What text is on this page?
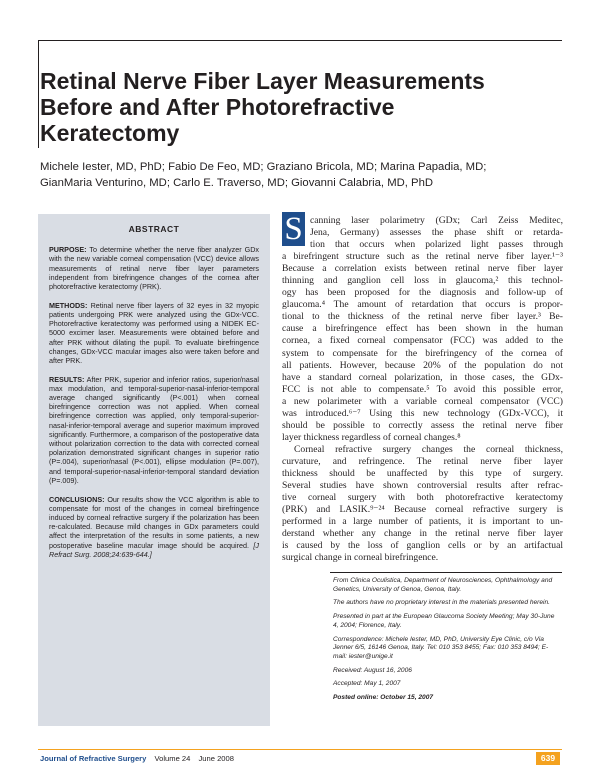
Retinal Nerve Fiber Layer Measurements
Before and After Photorefractive
Keratectomy
Michele Iester, MD, PhD; Fabio De Feo, MD; Graziano Bricola, MD; Marina Papadia, MD;
GianMaria Venturino, MD; Carlo E. Traverso, MD; Giovanni Calabria, MD, PhD
ABSTRACT

PURPOSE: To determine whether the nerve fiber analyzer GDx with the new variable corneal compensation (VCC) device allows measurements of retinal nerve fiber layer parameters independent from birefringence changes of the cornea after photorefractive keratectomy (PRK).

METHODS: Retinal nerve fiber layers of 32 eyes in 32 myopic patients undergoing PRK were analyzed using the GDx-VCC. Photorefractive keratectomy was performed using a NIDEK EC-5000 excimer laser. Measurements were obtained before and after PRK without dilating the pupil. To evaluate birefringence changes, GDx-VCC macular images also were taken before and after PRK.

RESULTS: After PRK, superior and inferior ratios, superior/nasal max modulation, and temporal-superior-nasal-inferior-temporal average changed significantly (P<.001) when corneal birefringence correction was not applied. When corneal birefringence correction was applied, only temporal-superior-nasal-inferior-temporal average and superior maximum improved significantly. Furthermore, a comparison of the postoperative data without polarization correction to the data with corrected corneal polarization demonstrated significant changes in superior ratio (P=.004), superior/nasal (P<.001), ellipse modulation (P=.007), and temporal-superior-nasal-inferior-temporal standard deviation (P=.009).

CONCLUSIONS: Our results show the VCC algorithm is able to compensate for most of the changes in corneal birefringence induced by corneal refractive surgery if the polarization has been re-calculated. Because mild changes in GDx parameters could affect the interpretation of the results in some patients, a new postoperative baseline macular image should be acquired. [J Refract Surg. 2008;24:639-644.]

S canning laser polarimetry (GDx; Carl Zeiss Meditec,
Jena, Germany) assesses the phase shift or retarda-
tion that occurs when polarized light passes through
a birefringent structure such as the retinal nerve fiber layer.¹⁻³
Because a correlation exists between retinal nerve fiber layer
thinning and ganglion cell loss in glaucoma,² this technol-
ogy has been proposed for the diagnosis and follow-up of
glaucoma.⁴ The amount of retardation that occurs is propor-
tional to the thickness of the retinal nerve fiber layer.³ Be-
cause a birefringence effect has been shown in the human
cornea, a fixed corneal compensator (FCC) was added to the
system to compensate for the birefringency of the cornea of
all patients. However, because 20% of the population do not
have a standard corneal polarization, in those cases, the GDx-
FCC is not able to compensate.⁵ To avoid this possible error,
a new polarimeter with a variable corneal compensator (VCC)
was introduced.⁶⁻⁷ Using this new technology (GDx-VCC), it
should be possible to correctly assess the retinal nerve fiber
layer thickness regardless of corneal changes.⁸
Corneal refractive surgery changes the corneal thickness,
curvature, and refringence. The retinal nerve fiber layer
thickness should be unaffected by this type of surgery.
Several studies have shown controversial results after refrac-
tive corneal surgery with both photorefractive keratectomy
(PRK) and LASIK.⁹⁻²⁴ Because corneal refractive surgery is
performed in a large number of patients, it is important to un-
derstand whether any change in the retinal nerve fiber layer
is caused by the loss of ganglion cells or by an artifactual
surgical change in corneal birefringence.

From Clinica Oculistica, Department of Neurosciences, Ophthalmology and Genetics, University of Genoa, Genoa, Italy.

The authors have no proprietary interest in the materials presented herein.

Presented in part at the European Glaucoma Society Meeting; May 30-June 4, 2004; Florence, Italy.

Correspondence: Michele Iester, MD, PhD, University Eye Clinic, c/o Via Jenner 6/5, 16146 Genoa, Italy. Tel: 010 353 8455; Fax: 010 353 8494; E-mail: iester@unige.it

Received: August 16, 2006

Accepted: May 1, 2007

Posted online: October 15, 2007

Journal of Refractive Surgery Volume 24 June 2008	639
